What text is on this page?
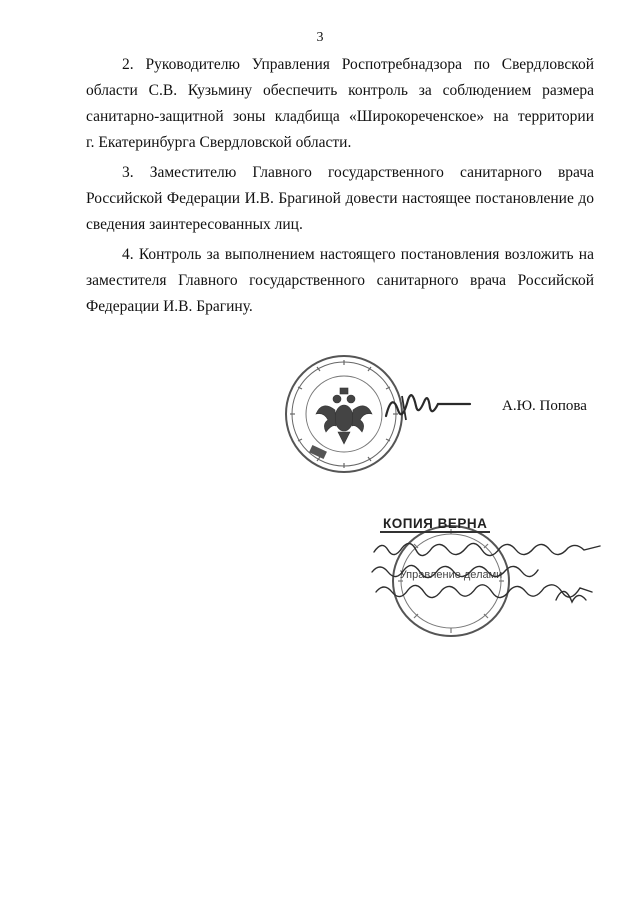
3

2. Руководителю Управления Роспотребнадзора по Свердловской
области С.В. Кузьмину обеспечить контроль за соблюдением размера
санитарно-защитной зоны кладбища «Широкореченское» на территории
г. Екатеринбурга Свердловской области.

3. Заместителю Главного государственного санитарного врача
Российской Федерации И.В. Брагиной довести настоящее постановление до
сведения заинтересованных лиц.

4. Контроль за выполнением настоящего постановления возложить на
заместителя Главного государственного санитарного врача Российской
Федерации И.В. Брагину.

А.Ю. Попова
Управление делами
КОПИЯ ВЕРНА
